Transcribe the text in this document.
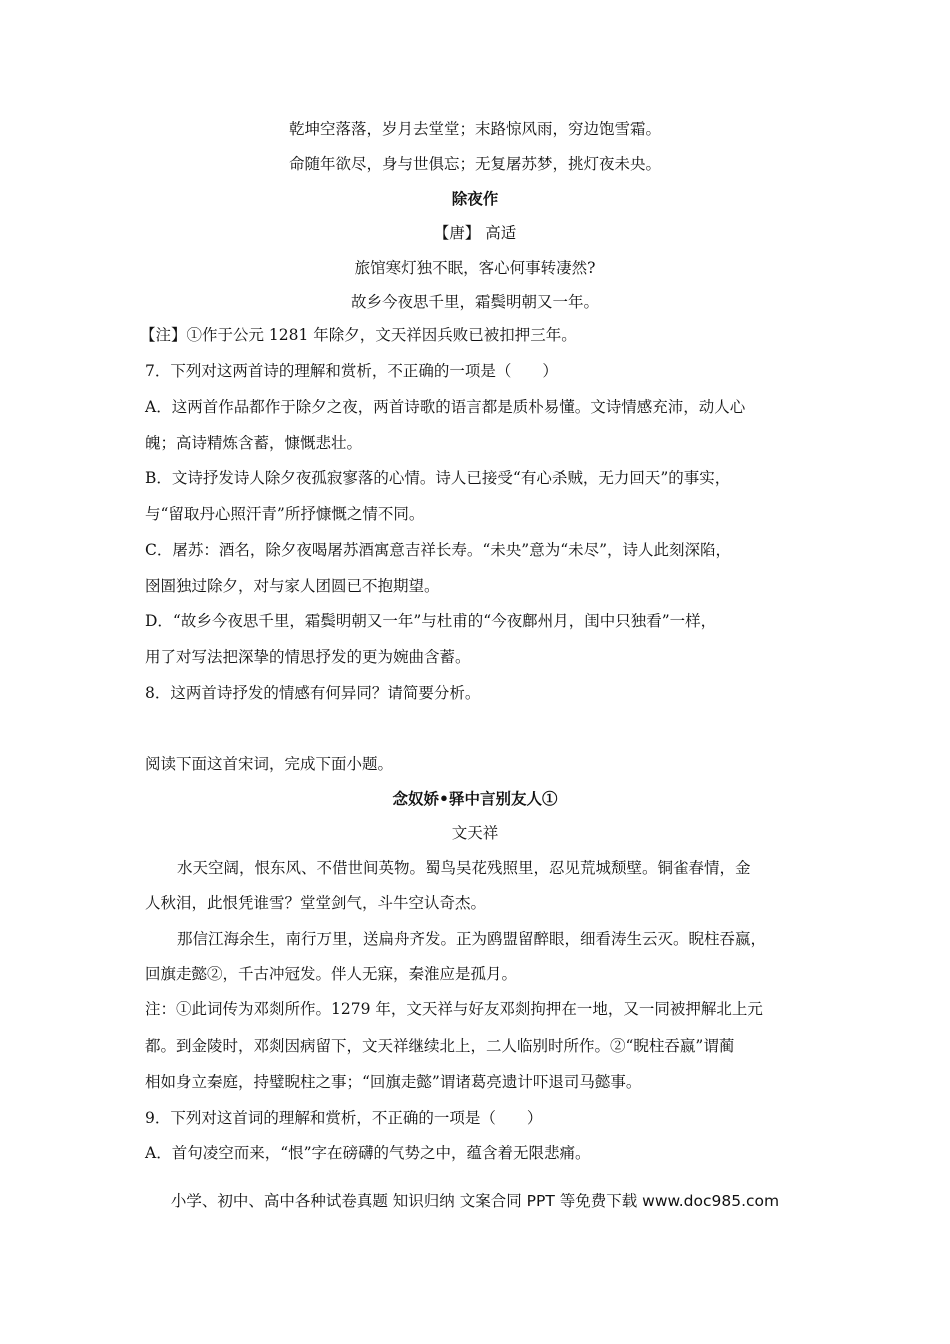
乾坤空落落，岁月去堂堂；末路惊风雨，穷边饱雪霜。
命随年欲尽，身与世俱忘；无复屠苏梦，挑灯夜未央。
除夜作
【唐】 高适
旅馆寒灯独不眠，客心何事转凄然?
故乡今夜思千里，霜鬓明朝又一年。
【注】①作于公元 1281 年除夕，文天祥因兵败已被扣押三年。
7．下列对这两首诗的理解和赏析，不正确的一项是（　　）
A．这两首作品都作于除夕之夜，两首诗歌的语言都是质朴易懂。文诗情感充沛，动人心
魄；高诗精炼含蓄，慷慨悲壮。
B．文诗抒发诗人除夕夜孤寂寥落的心情。诗人已接受“有心杀贼，无力回天”的事实，
与“留取丹心照汗青”所抒慷慨之情不同。
C．屠苏：酒名，除夕夜喝屠苏酒寓意吉祥长寿。“未央”意为“未尽”，诗人此刻深陷，
囹圄独过除夕，对与家人团圆已不抱期望。
D．“故乡今夜思千里，霜鬓明朝又一年”与杜甫的“今夜鄜州月，闺中只独看”一样，
用了对写法把深挚的情思抒发的更为婉曲含蓄。
8．这两首诗抒发的情感有何异同？请简要分析。
阅读下面这首宋词，完成下面小题。
念奴娇•驿中言别友人①
文天祥
水天空阔，恨东风、不借世间英物。蜀鸟吴花残照里，忍见荒城颓壁。铜雀春情，金
人秋泪，此恨凭谁雪？堂堂剑气，斗牛空认奇杰。
那信江海余生，南行万里，送扁舟齐发。正为鸥盟留醉眼，细看涛生云灭。睨柱吞嬴，
回旗走懿②，千古冲冠发。伴人无寐，秦淮应是孤月。
注：①此词传为邓剡所作。1279 年，文天祥与好友邓剡拘押在一地，又一同被押解北上元
都。到金陵时，邓剡因病留下，文天祥继续北上，二人临别时所作。②“睨柱吞嬴”谓蔺
相如身立秦庭，持璧睨柱之事；“回旗走懿”谓诸葛亮遗计吓退司马懿事。
9．下列对这首词的理解和赏析，不正确的一项是（　　）
A．首句凌空而来，“恨”字在磅礴的气势之中，蕴含着无限悲痛。
小学、初中、高中各种试卷真题 知识归纳 文案合同 PPT 等免费下载 www.doc985.com
